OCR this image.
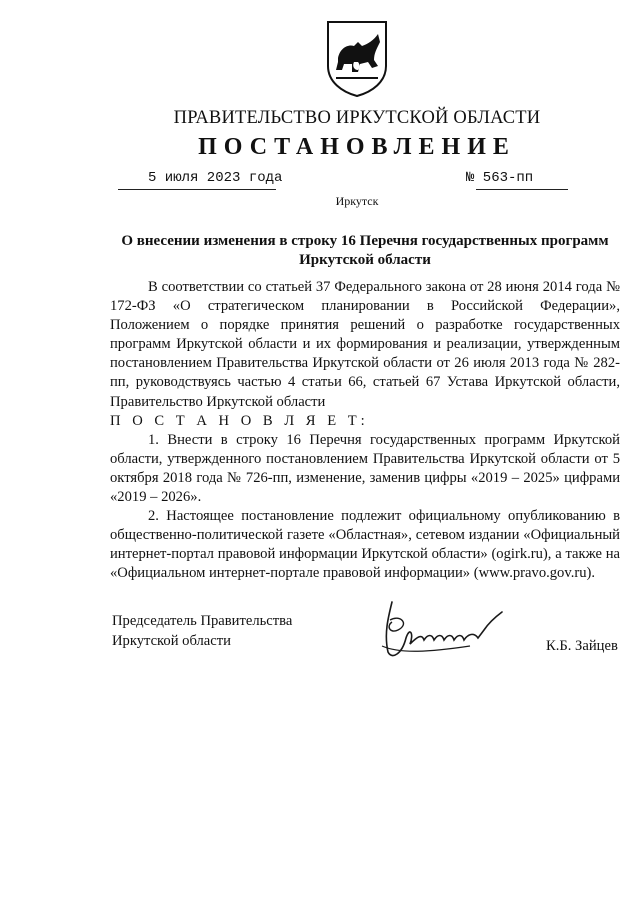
ПРАВИТЕЛЬСТВО ИРКУТСКОЙ ОБЛАСТИ
ПОСТАНОВЛЕНИЕ
5 июля 2023 года	№ 563-пп
Иркутск
О внесении изменения в строку 16 Перечня государственных программ Иркутской области

В соответствии со статьей 37 Федерального закона от 28 июня 2014 года № 172-ФЗ «О стратегическом планировании в Российской Федерации», Положением о порядке принятия решений о разработке государственных программ Иркутской области и их формирования и реализации, утвержденным постановлением Правительства Иркутской области от 26 июля 2013 года № 282-пп, руководствуясь частью 4 статьи 66, статьей 67 Устава Иркутской области, Правительство Иркутской области

П О С Т А Н О В Л Я Е Т:

1. Внести в строку 16 Перечня государственных программ Иркутской области, утвержденного постановлением Правительства Иркутской области от 5 октября 2018 года № 726-пп, изменение, заменив цифры «2019 – 2025» цифрами «2019 – 2026».

2. Настоящее постановление подлежит официальному опубликованию в общественно-политической газете «Областная», сетевом издании «Официальный интернет-портал правовой информации Иркутской области» (ogirk.ru), а также на «Официальном интернет-портале правовой информации» (www.pravo.gov.ru).

Председатель Правительства
Иркутской области	К.Б. Зайцев
